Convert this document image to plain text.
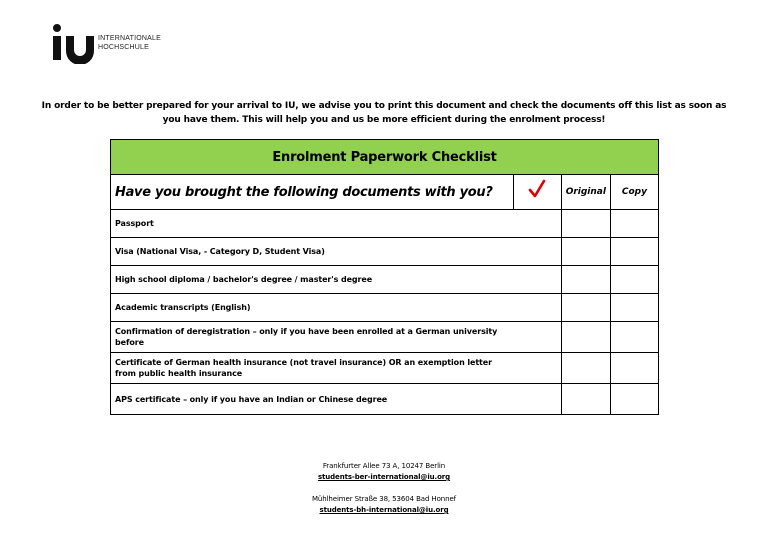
INTERNATIONALE
HOCHSCHULE
In order to be better prepared for your arrival to IU, we advise you to print this document and check the documents off this list as soon as you have them. This will help you and us be more efficient during the enrolment process!
Enrolment Paperwork Checklist			
Have you brought the following documents with you?		Original	Copy
Passport			
Visa (National Visa, - Category D, Student Visa)			
High school diploma / bachelor's degree / master's degree			
Academic transcripts (English)			
Confirmation of deregistration – only if you have been enrolled at a German university before			
Certificate of German health insurance (not travel insurance) OR an exemption letter from public health insurance			
APS certificate – only if you have an Indian or Chinese degree			
Frankfurter Allee 73 A, 10247 Berlin
students-ber-international@iu.org
Mühlheimer Straße 38, 53604 Bad Honnef
students-bh-international@iu.org
